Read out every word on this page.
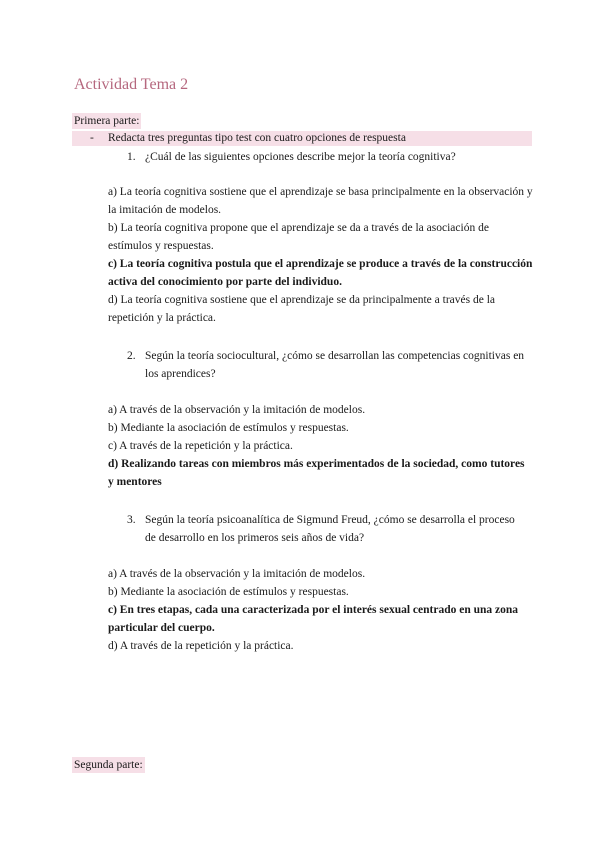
Actividad Tema 2
Primera parte:
- Redacta tres preguntas tipo test con cuatro opciones de respuesta
1. ¿Cuál de las siguientes opciones describe mejor la teoría cognitiva?
a) La teoría cognitiva sostiene que el aprendizaje se basa principalmente en la observación y la imitación de modelos.
b) La teoría cognitiva propone que el aprendizaje se da a través de la asociación de estímulos y respuestas.
c) La teoría cognitiva postula que el aprendizaje se produce a través de la construcción activa del conocimiento por parte del individuo.
d) La teoría cognitiva sostiene que el aprendizaje se da principalmente a través de la repetición y la práctica.
2. Según la teoría sociocultural, ¿cómo se desarrollan las competencias cognitivas en los aprendices?
a) A través de la observación y la imitación de modelos.
b) Mediante la asociación de estímulos y respuestas.
c) A través de la repetición y la práctica.
d) Realizando tareas con miembros más experimentados de la sociedad, como tutores y mentores
3. Según la teoría psicoanalítica de Sigmund Freud, ¿cómo se desarrolla el proceso de desarrollo en los primeros seis años de vida?
a) A través de la observación y la imitación de modelos.
b) Mediante la asociación de estímulos y respuestas.
c) En tres etapas, cada una caracterizada por el interés sexual centrado en una zona particular del cuerpo.
d) A través de la repetición y la práctica.
Segunda parte:
